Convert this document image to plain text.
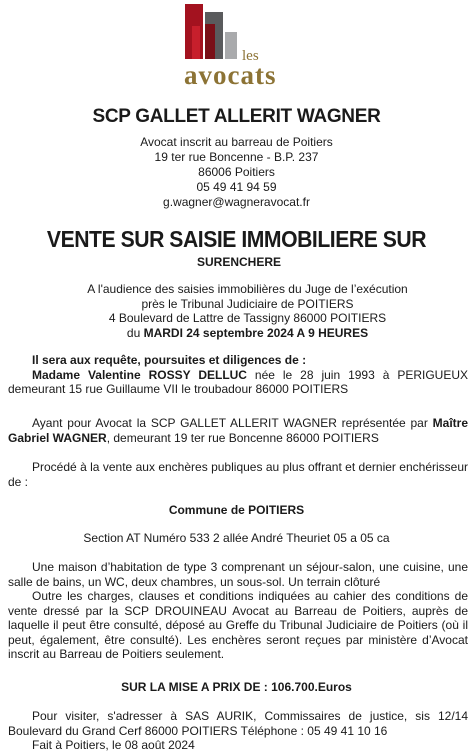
les
avocats
SCP GALLET ALLERIT WAGNER
Avocat inscrit au barreau de Poitiers
19 ter rue Boncenne - B.P. 237
86006 Poitiers
05 49 41 94 59
g.wagner@wagneravocat.fr
VENTE SUR SAISIE IMMOBILIERE SUR
SURENCHERE
A l'audience des saisies immobilières du Juge de l’exécution
près le Tribunal Judiciaire de POITIERS
4 Boulevard de Lattre de Tassigny 86000 POITIERS
du MARDI 24 septembre 2024 A 9 HEURES
Il sera aux requête, poursuites et diligences de :
Madame Valentine ROSSY DELLUC née le 28 juin 1993 à PERIGUEUX demeurant 15 rue Guillaume VII le troubadour 86000 POITIERS
Ayant pour Avocat la SCP GALLET ALLERIT WAGNER représentée par Maître Gabriel WAGNER, demeurant 19 ter rue Boncenne 86000 POITIERS
Procédé à la vente aux enchères publiques au plus offrant et dernier enchérisseur de :
Commune de POITIERS
Section AT Numéro 533 2 allée André Theuriet 05 a 05 ca
Une maison d’habitation de type 3 comprenant un séjour-salon, une cuisine, une salle de bains, un WC, deux chambres, un sous-sol. Un terrain clôturé
Outre les charges, clauses et conditions indiquées au cahier des conditions de vente dressé par la SCP DROUINEAU Avocat au Barreau de Poitiers, auprès de laquelle il peut être consulté, déposé au Greffe du Tribunal Judiciaire de Poitiers (où il peut, également, être consulté). Les enchères seront reçues par ministère d’Avocat inscrit au Barreau de Poitiers seulement.
SUR LA MISE A PRIX DE : 106.700.Euros
Pour visiter, s'adresser à SAS AURIK, Commissaires de justice, sis 12/14 Boulevard du Grand Cerf 86000 POITIERS Téléphone : 05 49 41 10 16
Fait à Poitiers, le 08 août 2024
